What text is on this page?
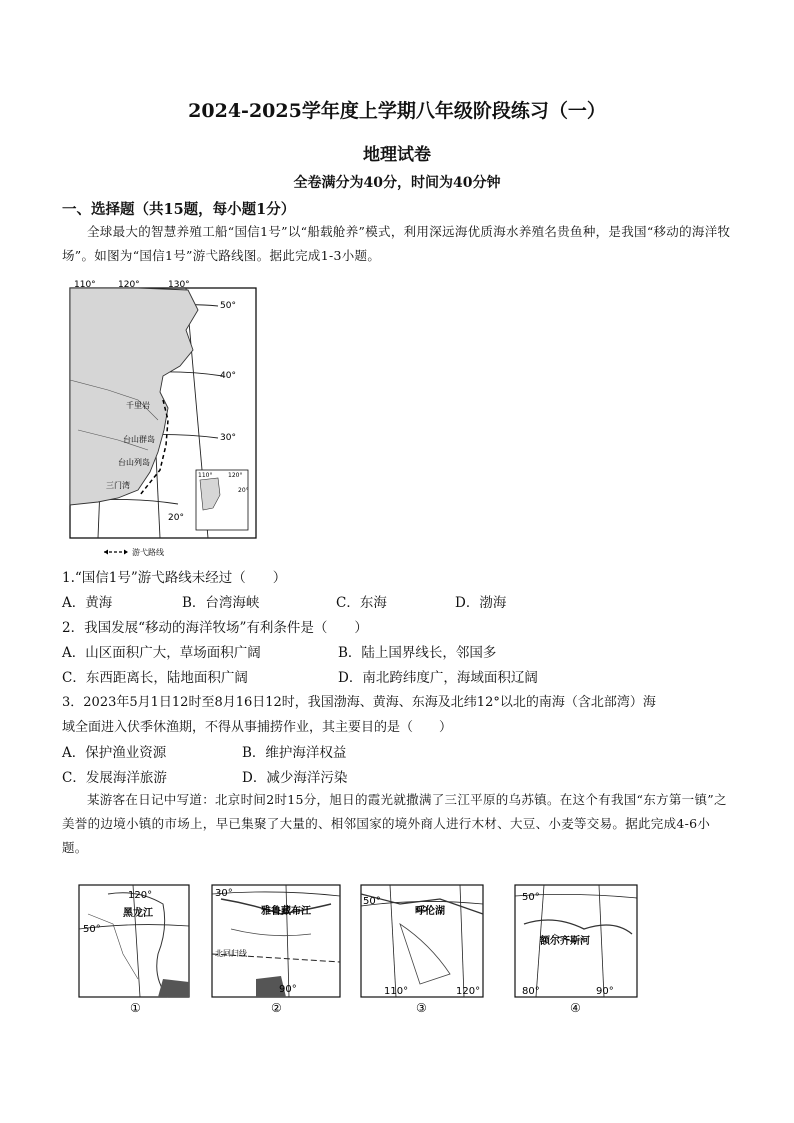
2024-2025学年度上学期八年级阶段练习（一）
地理试卷
全卷满分为40分，时间为40分钟
一、选择题（共15题，每小题1分）
全球最大的智慧养殖工船“国信1号”以“船载舱养”模式，利用深远海优质海水养殖名贵鱼种，是我国“移动的海洋牧场”。如图为“国信1号”游弋路线图。据此完成1-3小题。
110° 120°	130°
50°
40°
30°
20°
千里岩
台山群岛
台山列岛
三门湾
110°	120°
20°
游弋路线
1.“国信1号”游弋路线未经过（　　）
A．黄海	B．台湾海峡	C．东海	D．渤海
2．我国发展“移动的海洋牧场”有利条件是（　　）
A．山区面积广大，草场面积广阔	B．陆上国界线长，邻国多
C．东西距离长，陆地面积广阔	D．南北跨纬度广，海域面积辽阔
3．2023年5月1日12时至8月16日12时，我国渤海、黄海、东海及北纬12°以北的南海（含北部湾）海
域全面进入伏季休渔期，不得从事捕捞作业，其主要目的是（　　）
A．保护渔业资源	B．维护海洋权益
C．发展海洋旅游	D．减少海洋污染
某游客在日记中写道：北京时间2时15分，旭日的霞光就撒满了三江平原的乌苏镇。在这个有我国“东方第一镇”之美誉的边境小镇的市场上，早已集聚了大量的、相邻国家的境外商人进行木材、大豆、小麦等交易。据此完成4-6小题。
120°
黑龙江
50°
①
30°
雅鲁藏布江
北回归线
90°
②
50°
呼伦湖
110°	120°
③
50°
额尔齐斯河
80°	90°
④
